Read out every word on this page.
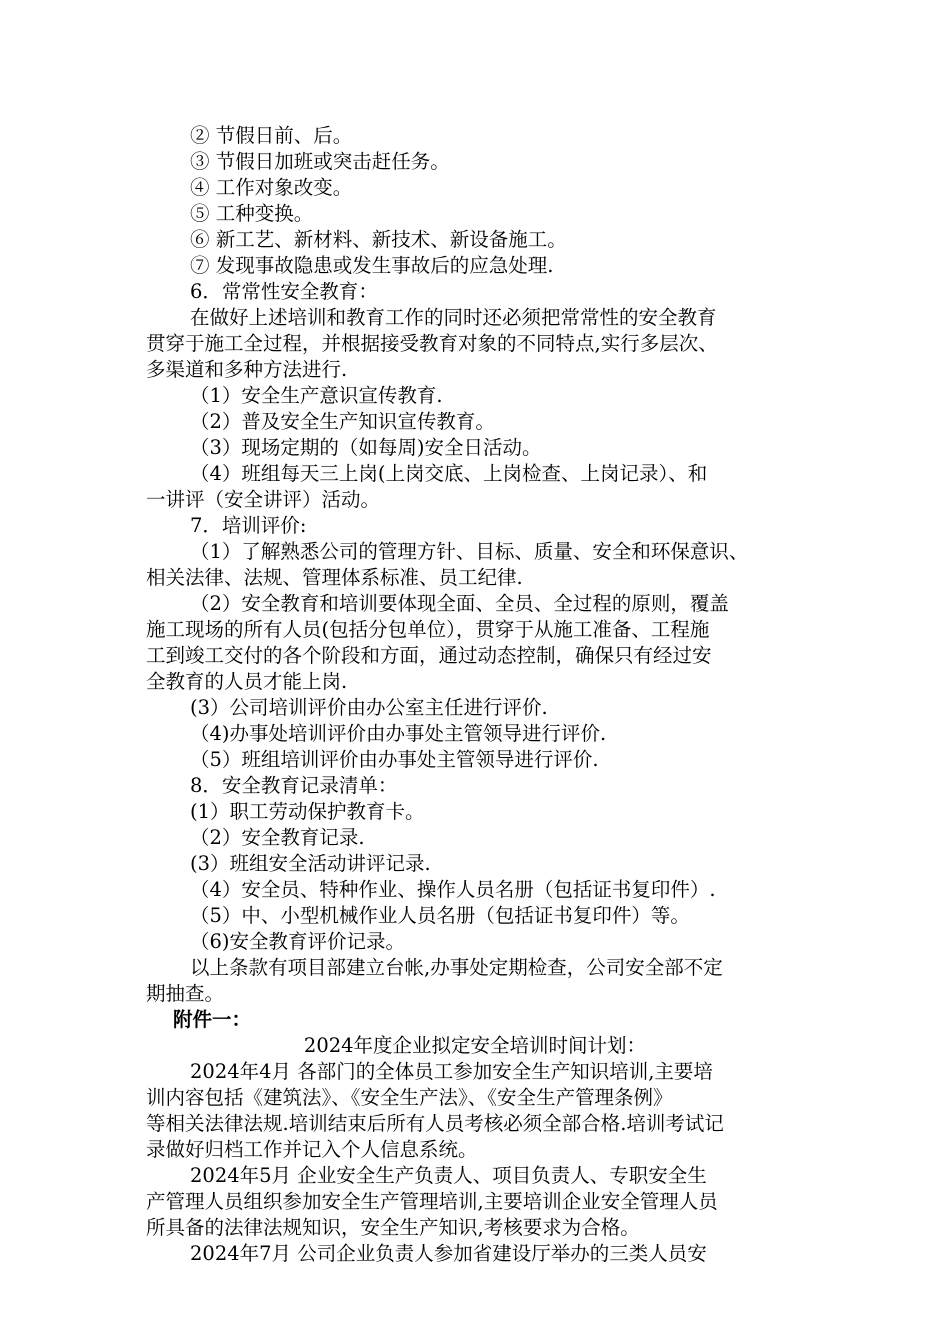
② 节假日前、后。
③ 节假日加班或突击赶任务。
④ 工作对象改变。
⑤ 工种变换。
⑥ 新工艺、新材料、新技术、新设备施工。
⑦ 发现事故隐患或发生事故后的应急处理.
6．常常性安全教育：
在做好上述培训和教育工作的同时还必须把常常性的安全教育
贯穿于施工全过程，并根据接受教育对象的不同特点,实行多层次、
多渠道和多种方法进行.
（1）安全生产意识宣传教育.
（2）普及安全生产知识宣传教育。
（3）现场定期的（如每周)安全日活动。
（4）班组每天三上岗(上岗交底、上岗检查、上岗记录）、和
一讲评（安全讲评）活动。
7．培训评价:
（1）了解熟悉公司的管理方针、目标、质量、安全和环保意识、
相关法律、法规、管理体系标准、员工纪律.
（2）安全教育和培训要体现全面、全员、全过程的原则，覆盖
施工现场的所有人员(包括分包单位），贯穿于从施工准备、工程施
工到竣工交付的各个阶段和方面，通过动态控制，确保只有经过安
全教育的人员才能上岗.
(3）公司培训评价由办公室主任进行评价.
（4)办事处培训评价由办事处主管领导进行评价.
（5）班组培训评价由办事处主管领导进行评价.
8．安全教育记录清单：
(1）职工劳动保护教育卡。
（2）安全教育记录.
(3）班组安全活动讲评记录.
（4）安全员、特种作业、操作人员名册（包括证书复印件）.
（5）中、小型机械作业人员名册（包括证书复印件）等。
（6)安全教育评价记录。
以上条款有项目部建立台帐,办事处定期检查，公司安全部不定
期抽查。
附件一：
2024年度企业拟定安全培训时间计划：
2024年4月 各部门的全体员工参加安全生产知识培训,主要培
训内容包括《建筑法》、《安全生产法》、《安全生产管理条例》
等相关法律法规.培训结束后所有人员考核必须全部合格.培训考试记
录做好归档工作并记入个人信息系统。
2024年5月 企业安全生产负责人、项目负责人、专职安全生
产管理人员组织参加安全生产管理培训,主要培训企业安全管理人员
所具备的法律法规知识，安全生产知识,考核要求为合格。
2024年7月 公司企业负责人参加省建设厅举办的三类人员安
